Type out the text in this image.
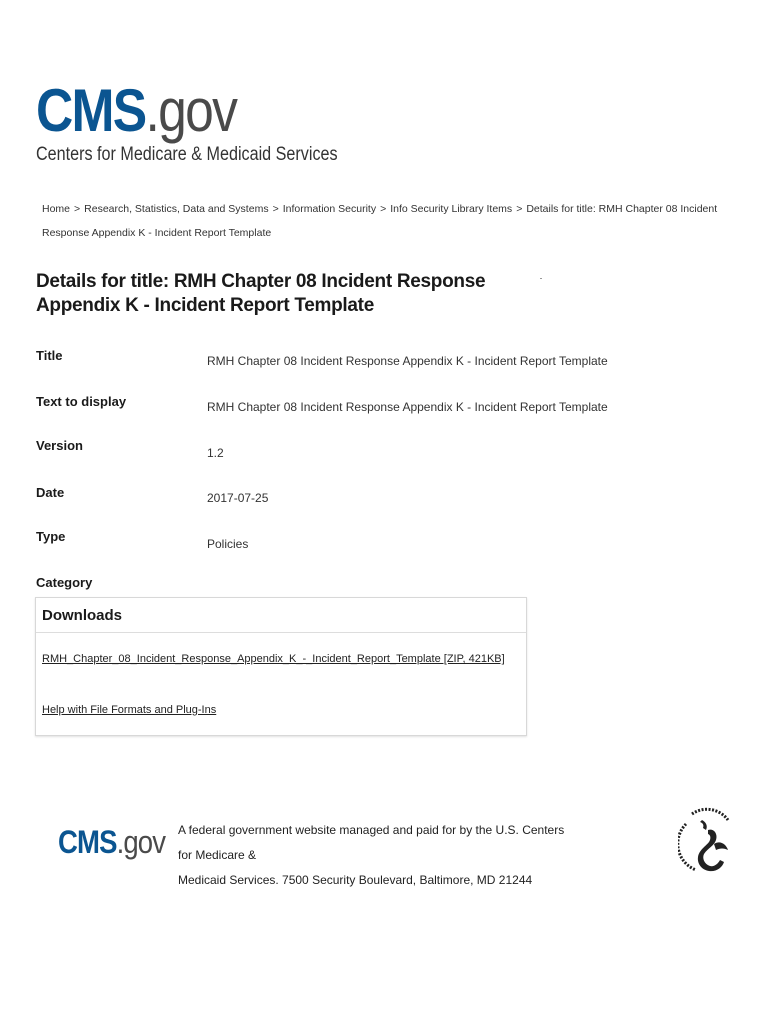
CMS.gov
Centers for Medicare & Medicaid Services
Home > Research, Statistics, Data and Systems > Information Security > Info Security Library Items > Details for title: RMH Chapter 08 Incident Response Appendix K - Incident Report Template
Details for title: RMH Chapter 08 Incident Response Appendix K - Incident Report Template
Title	RMH Chapter 08 Incident Response Appendix K - Incident Report Template
Text to display	RMH Chapter 08 Incident Response Appendix K - Incident Report Template
Version	1.2
Date	2017-07-25
Type	Policies
Category
Downloads
RMH_Chapter_08_Incident_Response_Appendix_K_-_Incident_Report_Template [ZIP, 421KB]
Help with File Formats and Plug-Ins
CMS.gov A federal government website managed and paid for by the U.S. Centers for Medicare &
Medicaid Services. 7500 Security Boulevard, Baltimore, MD 21244
